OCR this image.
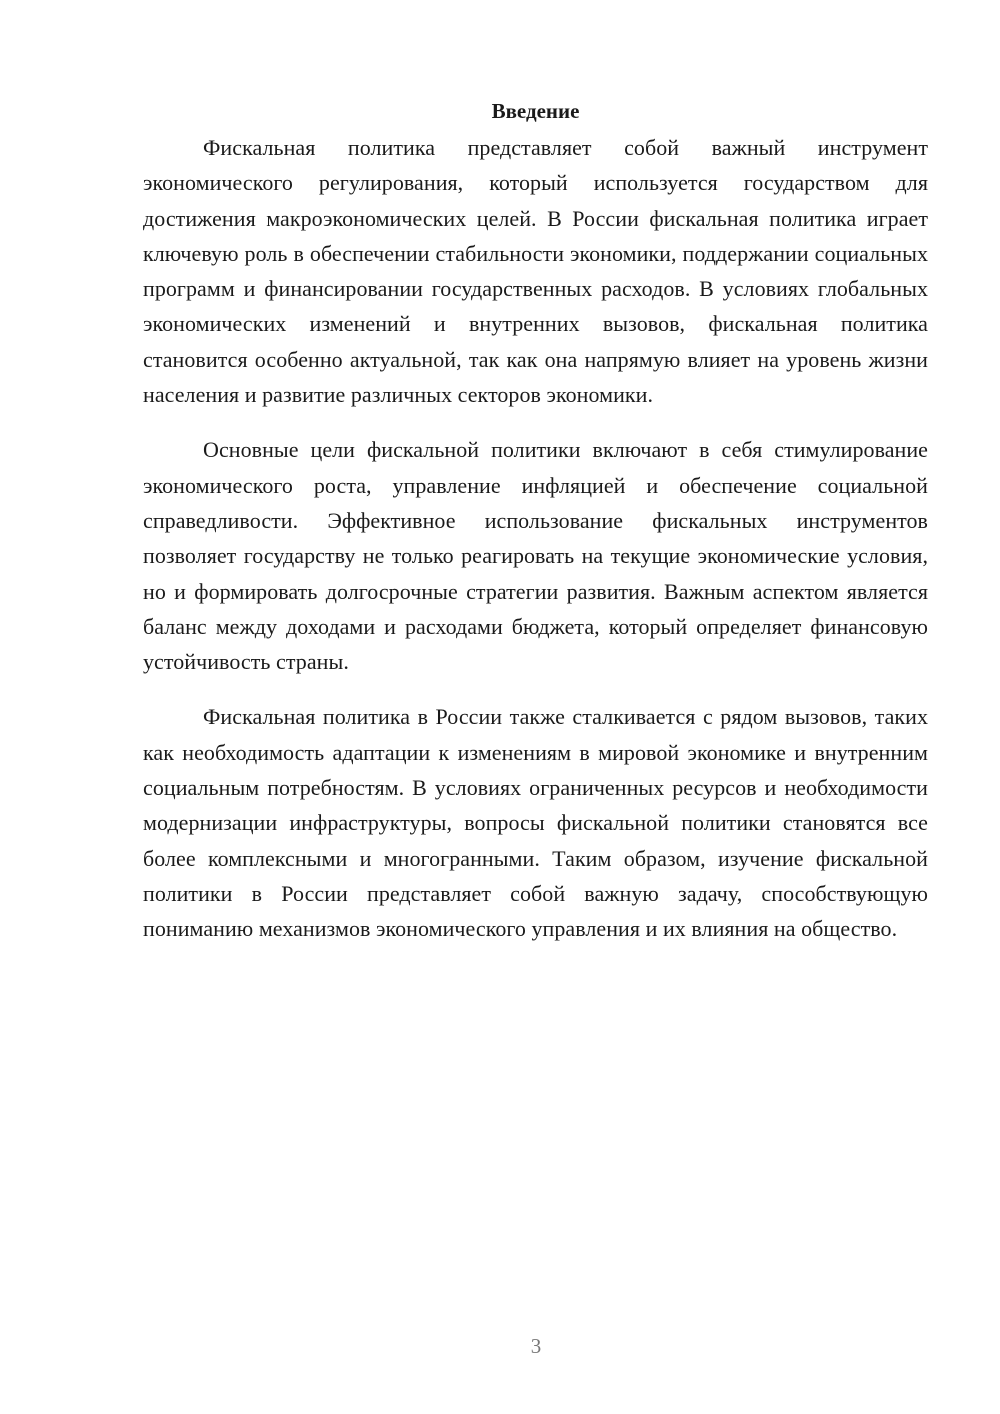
Введение

Фискальная политика представляет собой важный инструмент экономического регулирования, который используется государством для достижения макроэкономических целей. В России фискальная политика играет ключевую роль в обеспечении стабильности экономики, поддержании социальных программ и финансировании государственных расходов. В условиях глобальных экономических изменений и внутренних вызовов, фискальная политика становится особенно актуальной, так как она напрямую влияет на уровень жизни населения и развитие различных секторов экономики.

Основные цели фискальной политики включают в себя стимулирование экономического роста, управление инфляцией и обеспечение социальной справедливости. Эффективное использование фискальных инструментов позволяет государству не только реагировать на текущие экономические условия, но и формировать долгосрочные стратегии развития. Важным аспектом является баланс между доходами и расходами бюджета, который определяет финансовую устойчивость страны.

Фискальная политика в России также сталкивается с рядом вызовов, таких как необходимость адаптации к изменениям в мировой экономике и внутренним социальным потребностям. В условиях ограниченных ресурсов и необходимости модернизации инфраструктуры, вопросы фискальной политики становятся все более комплексными и многогранными. Таким образом, изучение фискальной политики в России представляет собой важную задачу, способствующую пониманию механизмов экономического управления и их влияния на общество.

3
